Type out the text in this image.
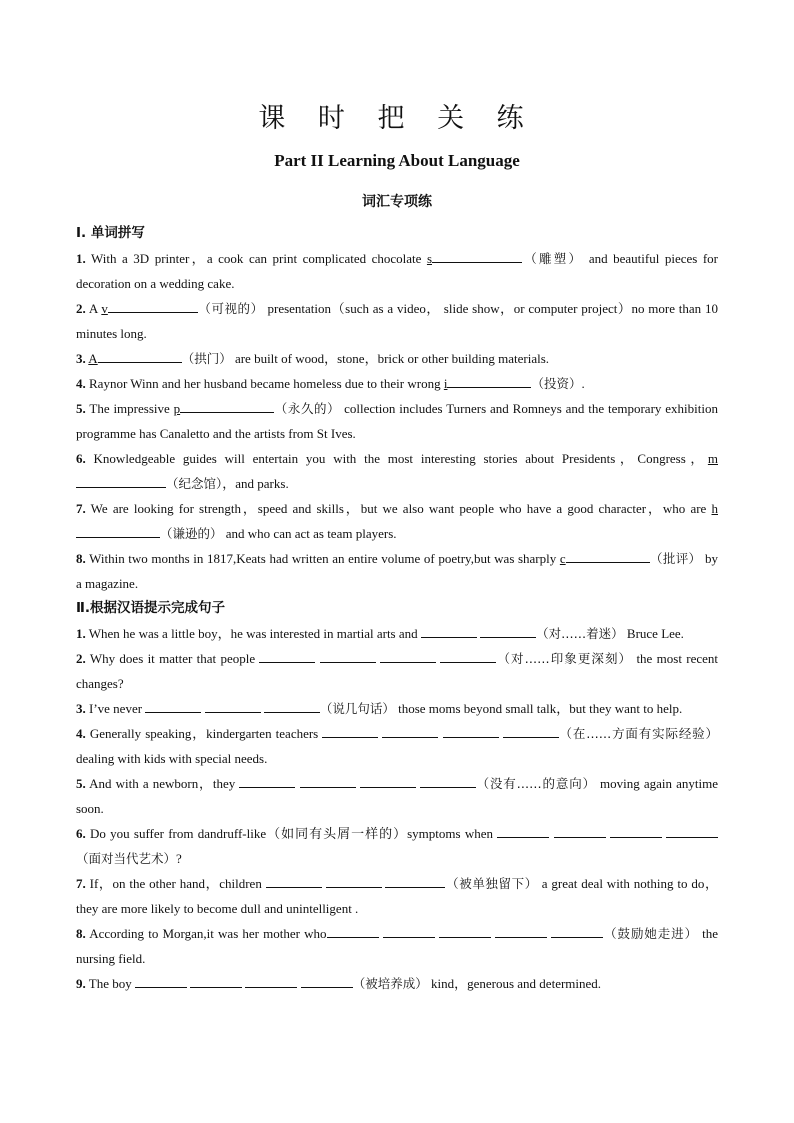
课 时 把 关 练
Part II Learning About Language
词汇专项练

Ⅰ. 单词拼写

1. With a 3D printer，a cook can print complicated chocolate s	（雕塑） and beautiful pieces for decoration on a wedding cake.

2. A v	（可视的） presentation（such as a video， slide show，or computer project）no more than 10 minutes long.

3. A	（拱门） are built of wood，stone，brick or other building materials.

4. Raynor Winn and her husband became homeless due to their wrong i	（投资）.

5. The impressive p	（永久的） collection includes Turners and Romneys and the temporary exhibition programme has Canaletto and the artists from St Ives.

6. Knowledgeable guides will entertain you with the most interesting stories about Presidents，Congress，m（纪念馆），and parks.

7. We are looking for strength，speed and skills，but we also want people who have a good character，who are h（谦逊的） and who can act as team players.

8. Within two months in 1817,Keats had written an entire volume of poetry,but was sharply c	（批评） by a magazine.

Ⅱ.根据汉语提示完成句子

1. When he was a little boy，he was interested in martial arts and	（对……着迷） Bruce Lee.

2. Why does it matter that people	（对……印象更深刻） the most recent changes?

3. I’ve never	（说几句话） those moms beyond small talk，but they want to help.

4. Generally speaking，kindergarten teachers	（在……方面有实际经验） dealing with kids with special needs.

5. And with a newborn，they	（没有……的意向） moving again anytime soon.

6. Do you suffer from dandruff-like（如同有头屑一样的）symptoms when    （面对当代艺术）?

7. If，on the other hand，children	（被单独留下） a great deal with nothing to do，they are more likely to become dull and unintelligent .

8. According to Morgan,it was her mother who	（鼓励她走进） the nursing field.

9. The boy	（被培养成） kind，generous and determined.
